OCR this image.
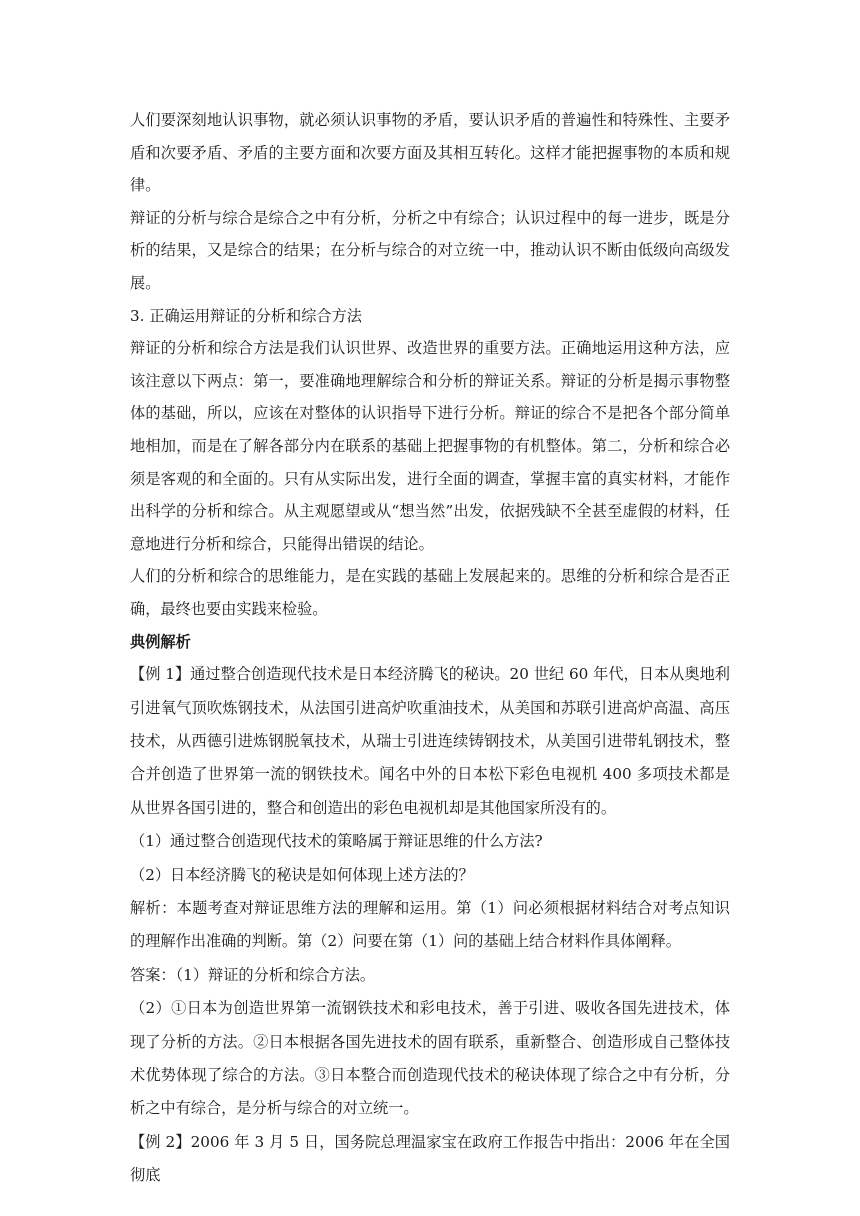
人们要深刻地认识事物，就必须认识事物的矛盾，要认识矛盾的普遍性和特殊性、主要矛盾和次要矛盾、矛盾的主要方面和次要方面及其相互转化。这样才能把握事物的本质和规律。

辩证的分析与综合是综合之中有分析，分析之中有综合；认识过程中的每一进步，既是分析的结果，又是综合的结果；在分析与综合的对立统一中，推动认识不断由低级向高级发展。

3. 正确运用辩证的分析和综合方法

辩证的分析和综合方法是我们认识世界、改造世界的重要方法。正确地运用这种方法，应该注意以下两点：第一，要准确地理解综合和分析的辩证关系。辩证的分析是揭示事物整体的基础，所以，应该在对整体的认识指导下进行分析。辩证的综合不是把各个部分简单地相加，而是在了解各部分内在联系的基础上把握事物的有机整体。第二，分析和综合必须是客观的和全面的。只有从实际出发，进行全面的调查，掌握丰富的真实材料，才能作出科学的分析和综合。从主观愿望或从“想当然”出发，依据残缺不全甚至虚假的材料，任意地进行分析和综合，只能得出错误的结论。

人们的分析和综合的思维能力，是在实践的基础上发展起来的。思维的分析和综合是否正确，最终也要由实践来检验。

典例解析

【例 1】通过整合创造现代技术是日本经济腾飞的秘诀。20 世纪 60 年代，日本从奥地利引进氧气顶吹炼钢技术，从法国引进高炉吹重油技术，从美国和苏联引进高炉高温、高压技术，从西德引进炼钢脱氧技术，从瑞士引进连续铸钢技术，从美国引进带轧钢技术，整合并创造了世界第一流的钢铁技术。闻名中外的日本松下彩色电视机 400 多项技术都是从世界各国引进的，整合和创造出的彩色电视机却是其他国家所没有的。

（1）通过整合创造现代技术的策略属于辩证思维的什么方法?

（2）日本经济腾飞的秘诀是如何体现上述方法的？

解析：本题考查对辩证思维方法的理解和运用。第（1）问必须根据材料结合对考点知识的理解作出准确的判断。第（2）问要在第（1）问的基础上结合材料作具体阐释。

答案：（1）辩证的分析和综合方法。

（2）①日本为创造世界第一流钢铁技术和彩电技术，善于引进、吸收各国先进技术，体现了分析的方法。②日本根据各国先进技术的固有联系，重新整合、创造形成自己整体技术优势体现了综合的方法。③日本整合而创造现代技术的秘诀体现了综合之中有分析，分析之中有综合，是分析与综合的对立统一。

【例 2】2006 年 3 月 5 日，国务院总理温家宝在政府工作报告中指出：2006 年在全国彻底
